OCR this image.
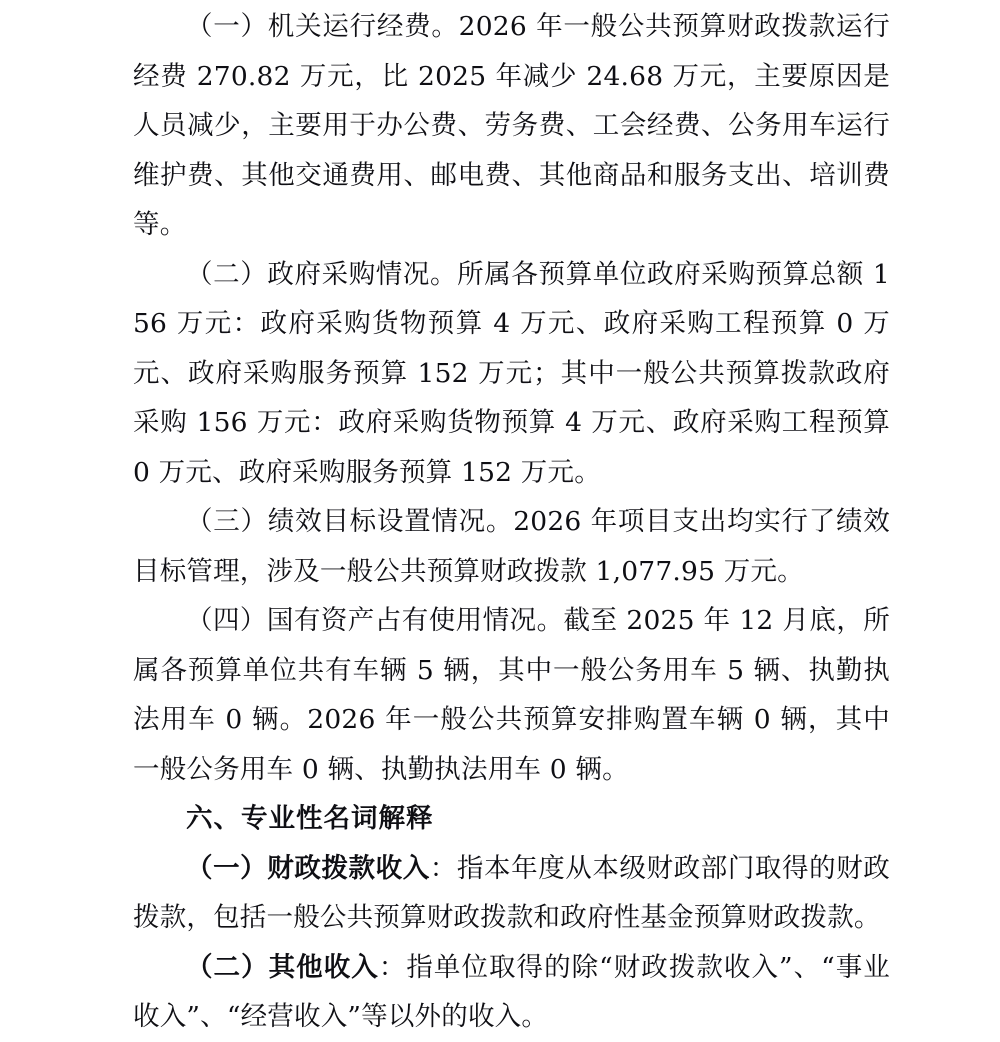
（一）机关运行经费。2026 年一般公共预算财政拨款运行经费 270.82 万元，比 2025 年减少 24.68 万元，主要原因是人员减少，主要用于办公费、劳务费、工会经费、公务用车运行维护费、其他交通费用、邮电费、其他商品和服务支出、培训费等。

（二）政府采购情况。所属各预算单位政府采购预算总额 156 万元：政府采购货物预算 4 万元、政府采购工程预算 0 万元、政府采购服务预算 152 万元；其中一般公共预算拨款政府采购 156 万元：政府采购货物预算 4 万元、政府采购工程预算 0 万元、政府采购服务预算 152 万元。

（三）绩效目标设置情况。2026 年项目支出均实行了绩效目标管理，涉及一般公共预算财政拨款 1,077.95 万元。

（四）国有资产占有使用情况。截至 2025 年 12 月底，所属各预算单位共有车辆 5 辆，其中一般公务用车 5 辆、执勤执法用车 0 辆。2026 年一般公共预算安排购置车辆 0 辆，其中一般公务用车 0 辆、执勤执法用车 0 辆。

六、专业性名词解释

（一）财政拨款收入：指本年度从本级财政部门取得的财政拨款，包括一般公共预算财政拨款和政府性基金预算财政拨款。

（二）其他收入：指单位取得的除“财政拨款收入”、“事业收入”、“经营收入”等以外的收入。
